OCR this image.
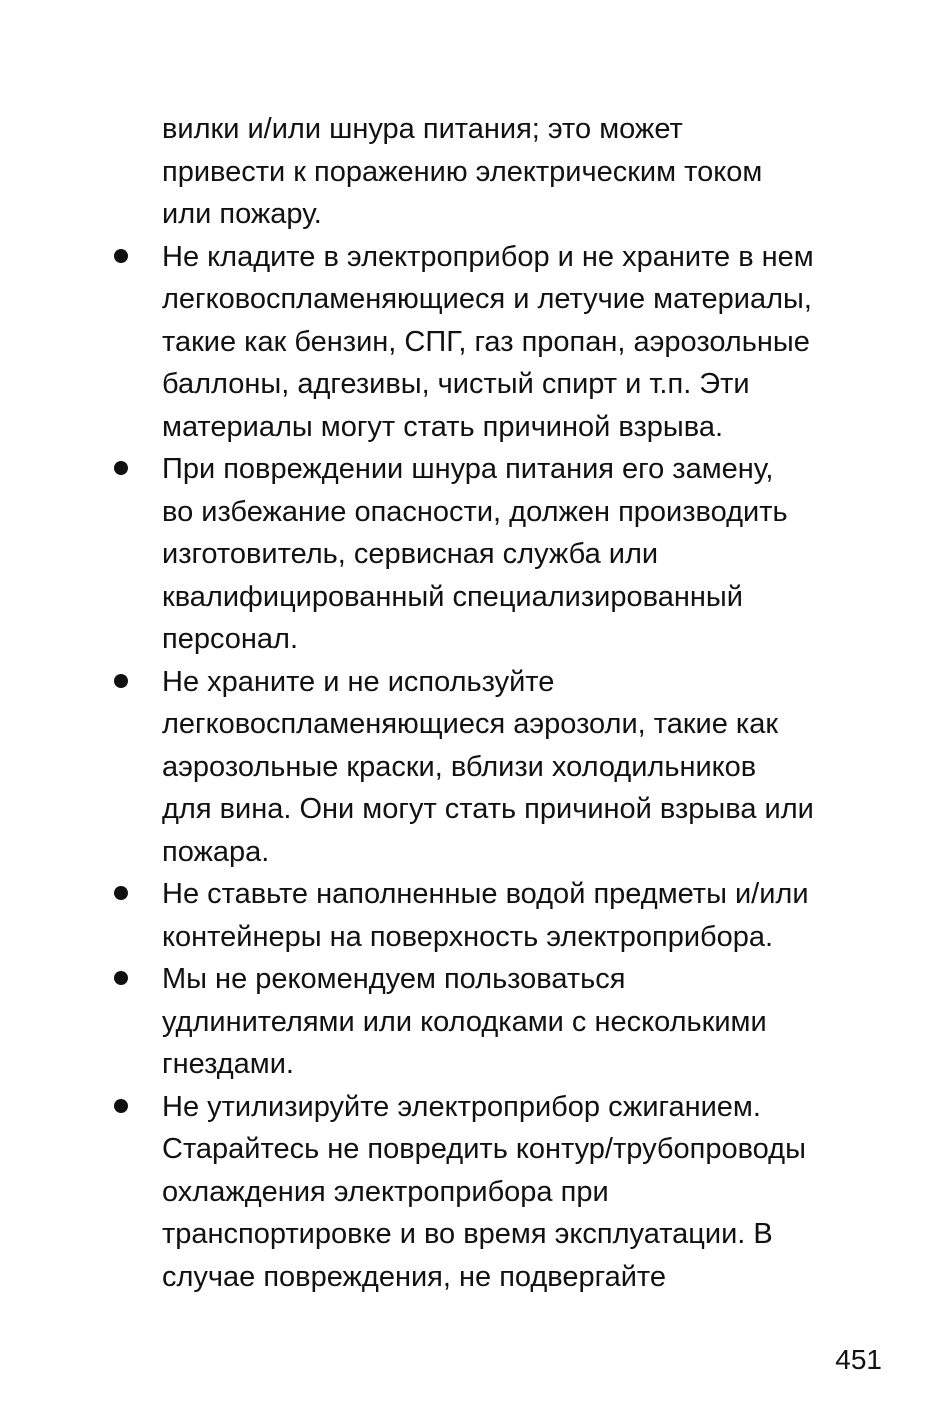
вилки и/или шнура питания; это может
привести к поражению электрическим током
или пожару.

Не кладите в электроприбор и не храните в нем
легковоспламеняющиеся и летучие материалы,
такие как бензин, СПГ, газ пропан, аэрозольные
баллоны, адгезивы, чистый спирт и т.п. Эти
материалы могут стать причиной взрыва.

При повреждении шнура питания его замену,
во избежание опасности, должен производить
изготовитель, сервисная служба или
квалифицированный специализированный
персонал.

Не храните и не используйте
легковоспламеняющиеся аэрозоли, такие как
аэрозольные краски, вблизи холодильников
для вина. Они могут стать причиной взрыва или
пожара.

Не ставьте наполненные водой предметы и/или
контейнеры на поверхность электроприбора.

Мы не рекомендуем пользоваться
удлинителями или колодками с несколькими
гнездами.

Не утилизируйте электроприбор сжиганием.
Старайтесь не повредить контур/трубопроводы
охлаждения электроприбора при
транспортировке и во время эксплуатации. В
случае повреждения, не подвергайте

451
